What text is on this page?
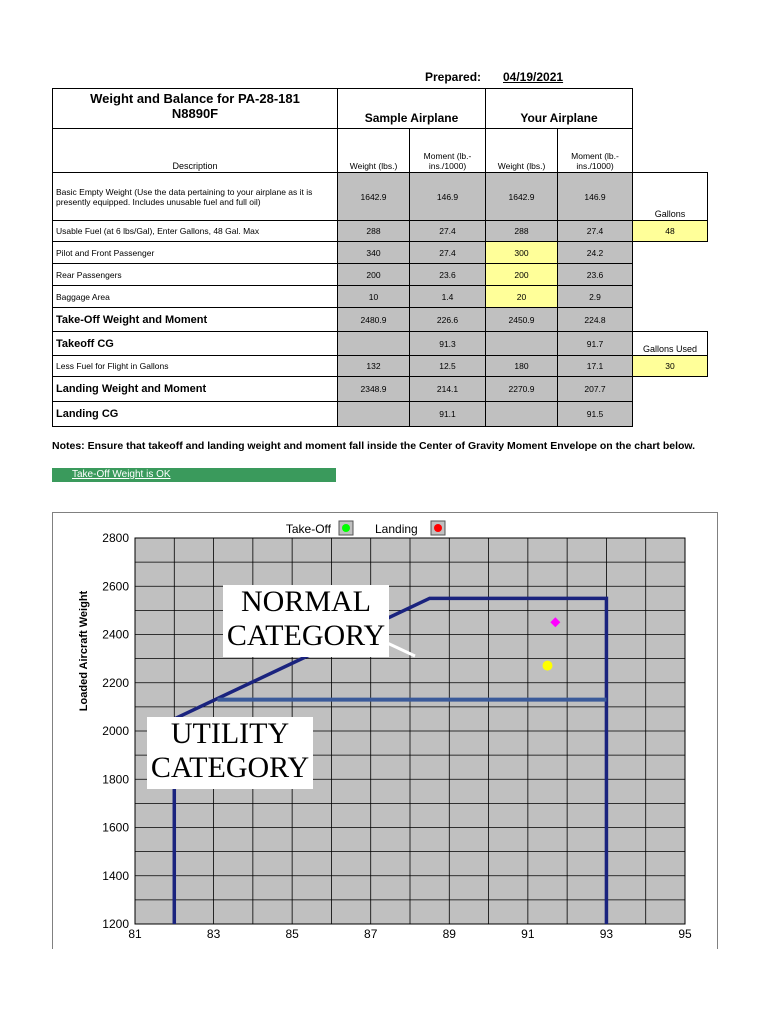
Prepared: 04/19/2021
Weight and Balance for PA-28-181
N8890F	Sample Airplane		Your Airplane		
Description	Weight (lbs.)	Moment (lb.-ins./1000)	Weight (lbs.)	Moment (lb.-ins./1000)	
Basic Empty Weight (Use the data pertaining to your airplane as it is presently equipped. Includes unusable fuel and full oil)	1642.9	146.9	1642.9	146.9	Gallons
Usable Fuel (at 6 lbs/Gal), Enter Gallons, 48 Gal. Max	288	27.4	288	27.4	48
Pilot and Front Passenger	340	27.4	300	24.2	
Rear Passengers	200	23.6	200	23.6	
Baggage Area	10	1.4	20	2.9	
Take-Off Weight and Moment	2480.9	226.6	2450.9	224.8	
Takeoff CG		91.3		91.7	Gallons Used
Less Fuel for Flight in Gallons	132	12.5	180	17.1	30
Landing Weight and Moment	2348.9	214.1	2270.9	207.7	
Landing CG		91.1		91.5	
Notes: Ensure that takeoff and landing weight and moment fall inside the Center of Gravity Moment Envelope on the chart below.
Take-Off Weight is OK
81	83	85	87	89	91	93	95
1200
1400
1600
1800
2000
2200
2400
2600
2800
Loaded Aircraft Weight
Take-Off	Landing
NORMAL
CATEGORY
UTILITY
CATEGORY
